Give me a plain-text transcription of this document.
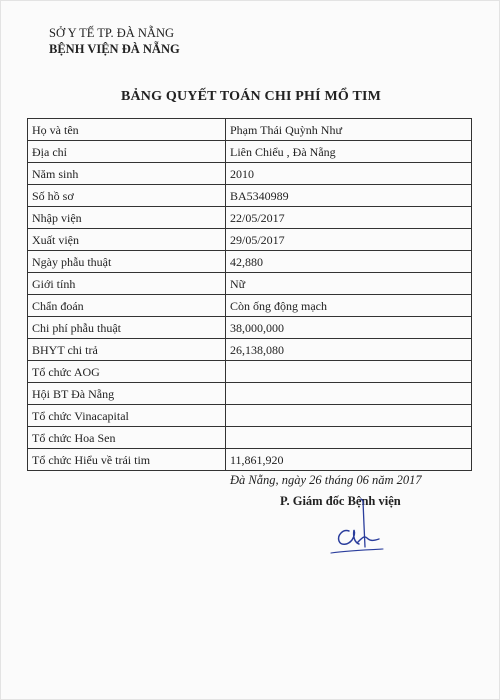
SỞ Y TẾ TP. ĐÀ NẴNG
BỆNH VIỆN ĐÀ NẴNG
BẢNG QUYẾT TOÁN CHI PHÍ MỔ TIM
Họ và tên	Phạm Thái Quỳnh Như
Địa chỉ	Liên Chiểu , Đà Nẵng
Năm sinh	2010
Số hồ sơ	BA5340989
Nhập viện	22/05/2017
Xuất viện	29/05/2017
Ngày phẫu thuật	42,880
Giới tính	Nữ
Chẩn đoán	Còn ống động mạch
Chi phí phẫu thuật	38,000,000
BHYT chi trả	26,138,080
Tổ chức AOG	
Hội BT Đà Nẵng	
Tổ chức Vinacapital	
Tổ chức Hoa Sen	
Tổ chức Hiểu về trái tim	11,861,920
Đà Nẵng, ngày 26 tháng 06 năm 2017
P. Giám đốc Bệnh viện
